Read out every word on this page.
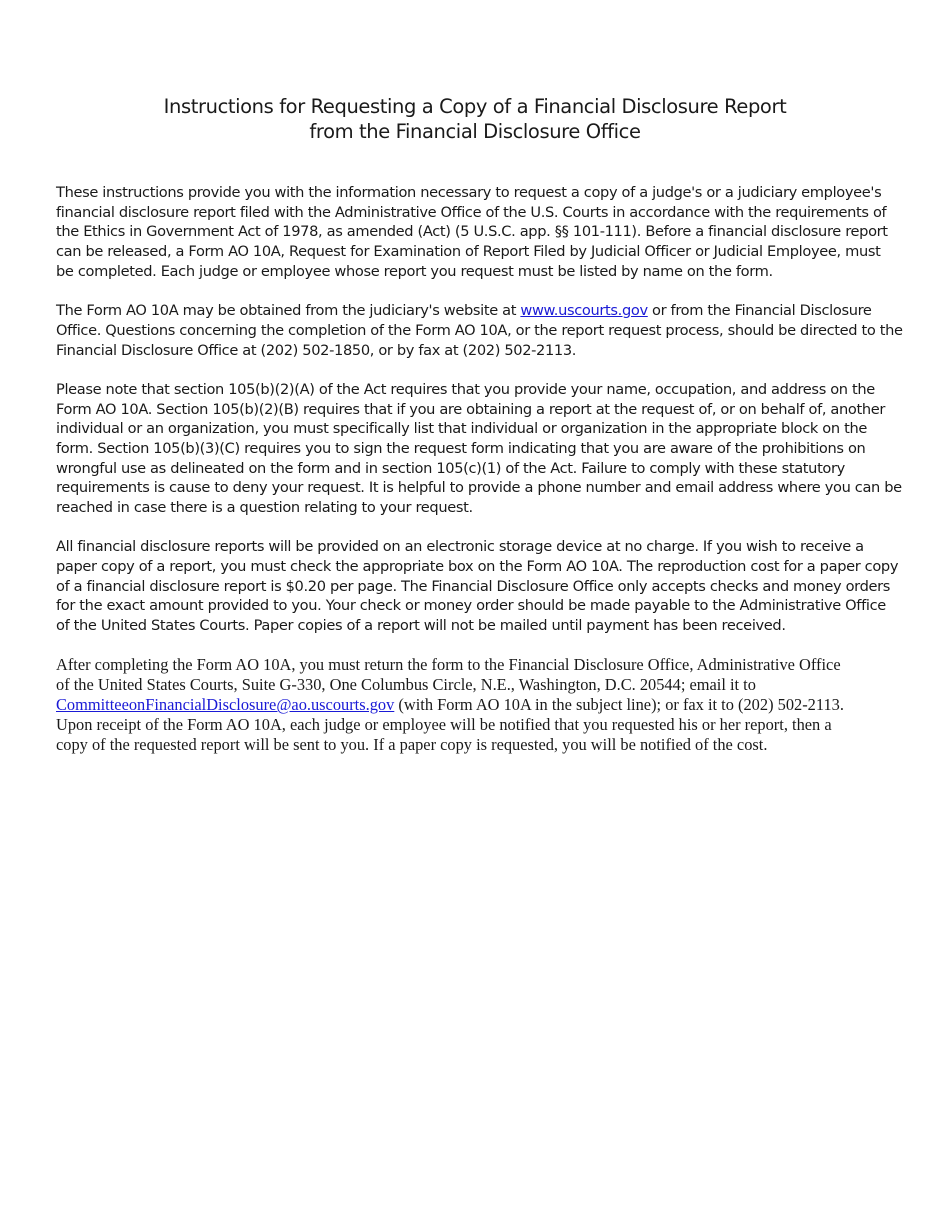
Instructions for Requesting a Copy of a Financial Disclosure Report
from the Financial Disclosure Office
These instructions provide you with the information necessary to request a copy of a judge's or a judiciary employee's
financial disclosure report filed with the Administrative Office of the U.S. Courts in accordance with the requirements of
the Ethics in Government Act of 1978, as amended (Act) (5 U.S.C. app. §§ 101-111). Before a financial disclosure report
can be released, a Form AO 10A, Request for Examination of Report Filed by Judicial Officer or Judicial Employee, must
be completed. Each judge or employee whose report you request must be listed by name on the form.
The Form AO 10A may be obtained from the judiciary's website at www.uscourts.gov or from the Financial Disclosure
Office. Questions concerning the completion of the Form AO 10A, or the report request process, should be directed to the
Financial Disclosure Office at (202) 502-1850, or by fax at (202) 502-2113.
Please note that section 105(b)(2)(A) of the Act requires that you provide your name, occupation, and address on the
Form AO 10A. Section 105(b)(2)(B) requires that if you are obtaining a report at the request of, or on behalf of, another
individual or an organization, you must specifically list that individual or organization in the appropriate block on the
form. Section 105(b)(3)(C) requires you to sign the request form indicating that you are aware of the prohibitions on
wrongful use as delineated on the form and in section 105(c)(1) of the Act. Failure to comply with these statutory
requirements is cause to deny your request. It is helpful to provide a phone number and email address where you can be
reached in case there is a question relating to your request.
All financial disclosure reports will be provided on an electronic storage device at no charge. If you wish to receive a
paper copy of a report, you must check the appropriate box on the Form AO 10A. The reproduction cost for a paper copy
of a financial disclosure report is $0.20 per page. The Financial Disclosure Office only accepts checks and money orders
for the exact amount provided to you. Your check or money order should be made payable to the Administrative Office
of the United States Courts. Paper copies of a report will not be mailed until payment has been received.
After completing the Form AO 10A, you must return the form to the Financial Disclosure Office, Administrative Office
of the United States Courts, Suite G-330, One Columbus Circle, N.E., Washington, D.C. 20544; email it to
CommitteeonFinancialDisclosure@ao.uscourts.gov (with Form AO 10A in the subject line); or fax it to (202) 502-2113.
Upon receipt of the Form AO 10A, each judge or employee will be notified that you requested his or her report, then a
copy of the requested report will be sent to you. If a paper copy is requested, you will be notified of the cost.
